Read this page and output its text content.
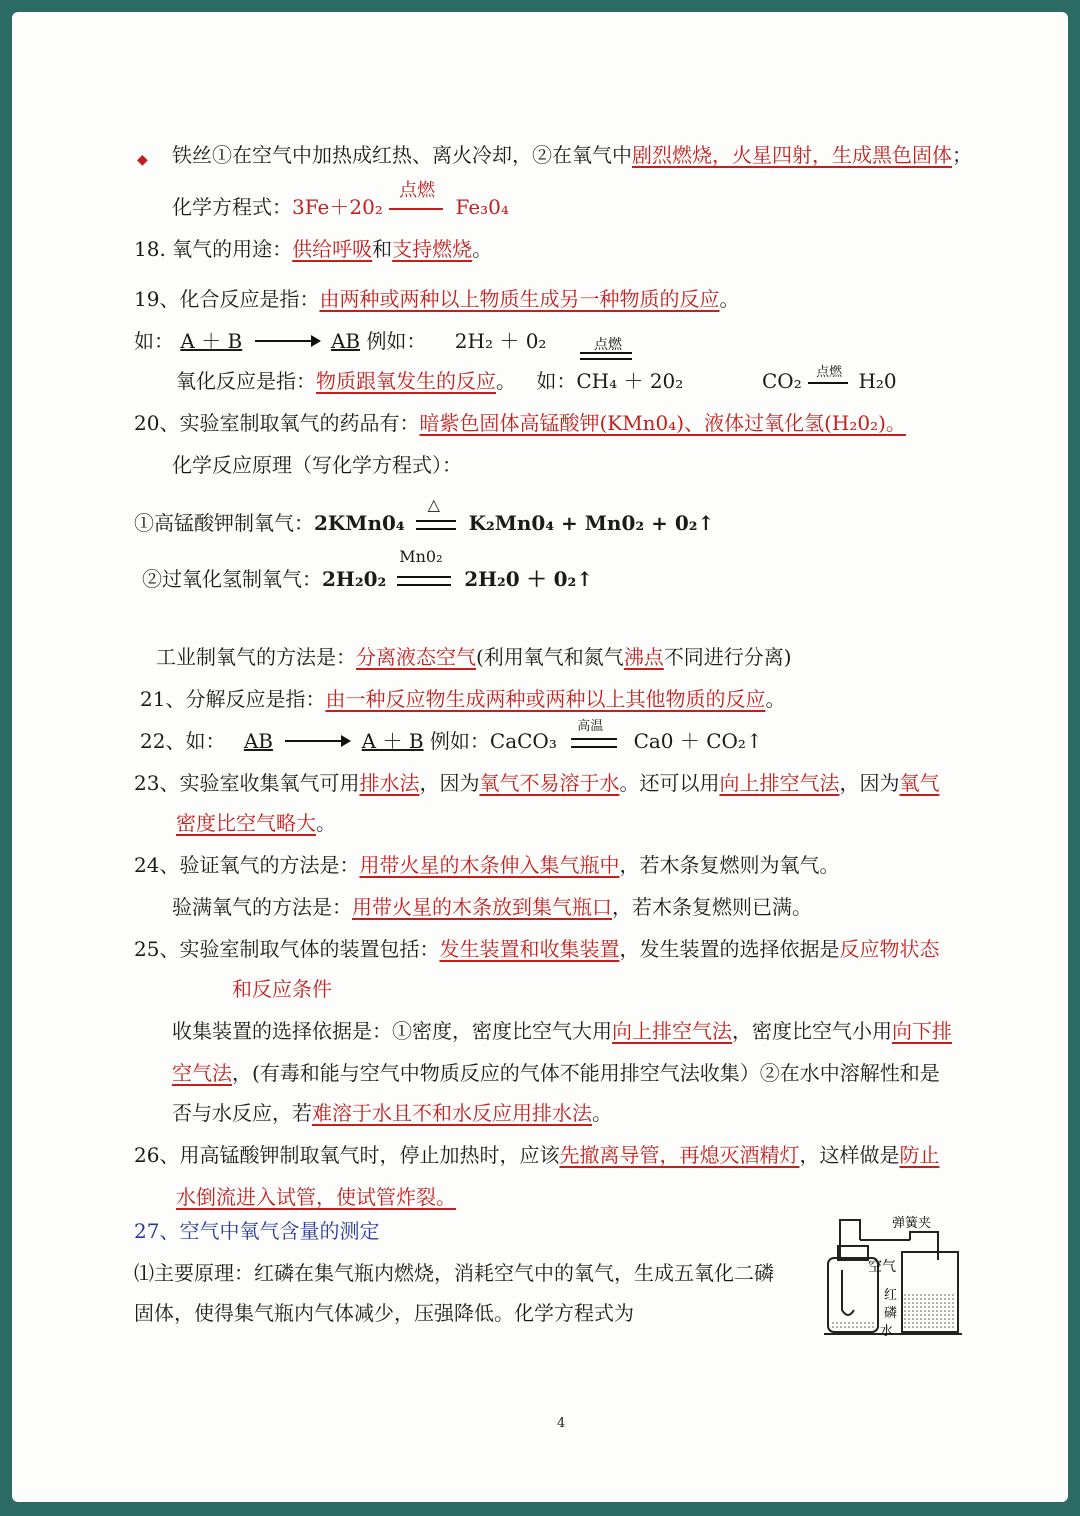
◆ 铁丝①在空气中加热成红热、离火冷却，②在氧气中剧烈燃烧，火星四射，生成黑色固体；
化学方程式：3Fe＋20₂
点燃
Fe₃0₄
18. 氧气的用途：供给呼吸和支持燃烧。
19、化合反应是指：由两种或两种以上物质生成另一种物质的反应。
如： A ＋ B	AB 例如： 2H₂ ＋ 0₂	点燃
氧化反应是指：物质跟氧发生的反应。 如：CH₄ ＋ 20₂	CO₂ 点燃 H₂0
20、实验室制取氧气的药品有：暗紫色固体高锰酸钾(KMn0₄)、液体过氧化氢(H₂0₂)。
化学反应原理（写化学方程式）：
①高锰酸钾制氧气：2KMn0₄
△
K₂Mn0₄ + Mn0₂ + 0₂↑
②过氧化氢制氧气：2H₂0₂
Mn0₂
2H₂0 ＋ 0₂↑
工业制氧气的方法是：分离液态空气(利用氧气和氮气沸点不同进行分离)
21、分解反应是指：由一种反应物生成两种或两种以上其他物质的反应。
22、如： AB	A ＋ B 例如：CaCO₃
高温
Ca0 ＋ CO₂↑
23、实验室收集氧气可用排水法，因为氧气不易溶于水。还可以用向上排空气法，因为氧气
密度比空气略大。
24、验证氧气的方法是：用带火星的木条伸入集气瓶中，若木条复燃则为氧气。
验满氧气的方法是：用带火星的木条放到集气瓶口，若木条复燃则已满。
25、实验室制取气体的装置包括：发生装置和收集装置，发生装置的选择依据是反应物状态
和反应条件
收集装置的选择依据是：①密度，密度比空气大用向上排空气法，密度比空气小用向下排
空气法，(有毒和能与空气中物质反应的气体不能用排空气法收集）②在水中溶解性和是
否与水反应，若难溶于水且不和水反应用排水法。
26、用高锰酸钾制取氧气时，停止加热时，应该先撤离导管，再熄灭酒精灯，这样做是防止
水倒流进入试管，使试管炸裂。
27、空气中氧气含量的测定
⑴主要原理：红磷在集气瓶内燃烧，消耗空气中的氧气，生成五氧化二磷
固体，使得集气瓶内气体减少，压强降低。化学方程式为
弹簧夹
空气
红
磷
水
4
